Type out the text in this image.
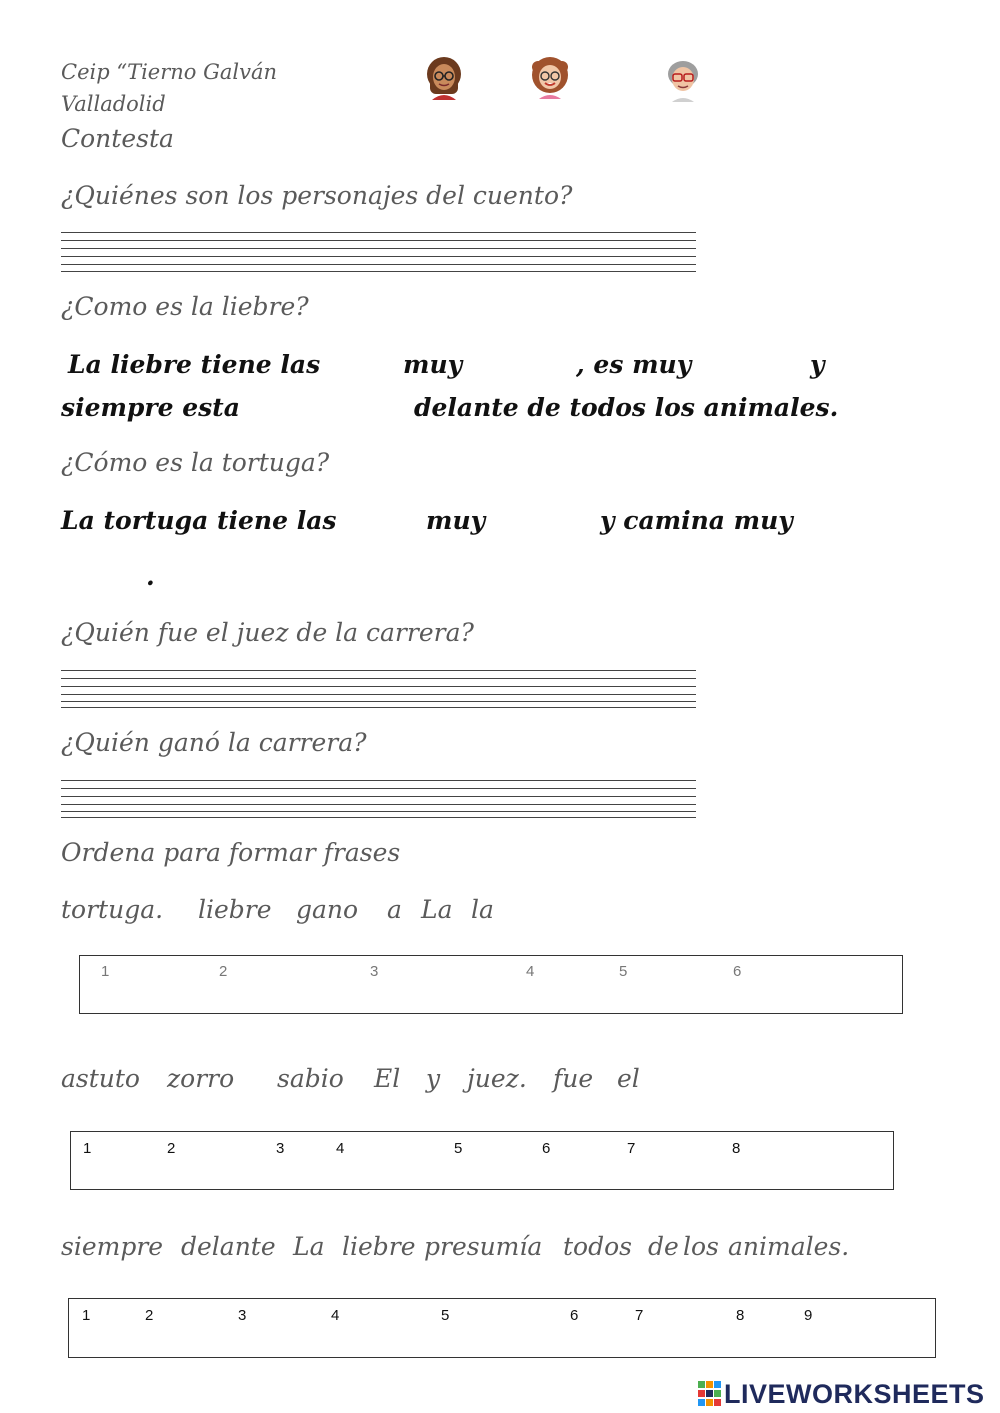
Ceip “Tierno Galván
Valladolid
Contesta
¿Quiénes son los personajes del cuento?
¿Como es la liebre?
La liebre tiene las	muy	, es muy	y
siempre esta	delante de todos los animales.
¿Cómo es la tortuga?
La tortuga tiene las	muy	y camina muy
.
¿Quién fue el juez de la carrera?
¿Quién ganó la carrera?
Ordena para formar frases
tortuga. liebre gano a La la
1	2	3	4	5	6
astuto zorro sabio El y juez. fue el
1	2	3	4	5	6	7	8
siempre delante La liebre presumía todos de los animales.
1	2	3	4	5	6	7	8	9
LIVEWORKSHEETS
